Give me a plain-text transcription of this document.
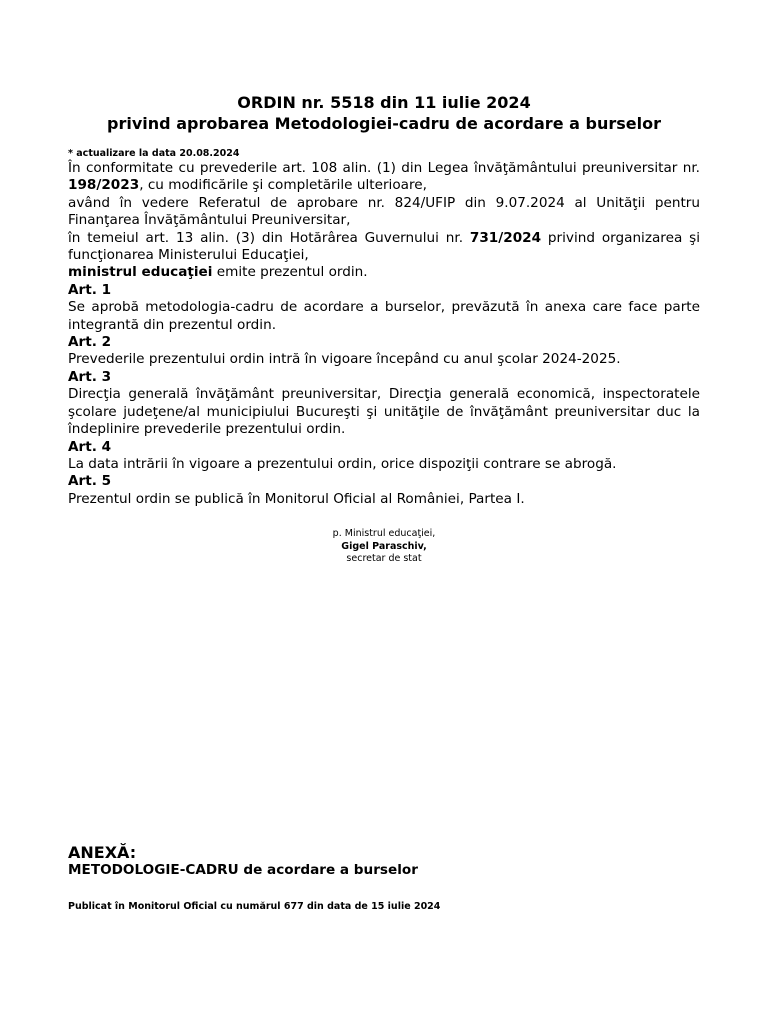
ORDIN nr. 5518 din 11 iulie 2024
privind aprobarea Metodologiei-cadru de acordare a burselor
* actualizare la data 20.08.2024

În conformitate cu prevederile art. 108 alin. (1) din Legea învăţământului preuniversitar nr. 198/2023, cu modificările şi completările ulterioare,

având în vedere Referatul de aprobare nr. 824/UFIP din 9.07.2024 al Unităţii pentru Finanţarea Învăţământului Preuniversitar,

în temeiul art. 13 alin. (3) din Hotărârea Guvernului nr. 731/2024 privind organizarea şi funcţionarea Ministerului Educaţiei,

ministrul educaţiei emite prezentul ordin.

Art. 1

Se aprobă metodologia-cadru de acordare a burselor, prevăzută în anexa care face parte integrantă din prezentul ordin.

Art. 2

Prevederile prezentului ordin intră în vigoare începând cu anul şcolar 2024-2025.

Art. 3

Direcţia generală învăţământ preuniversitar, Direcţia generală economică, inspectoratele şcolare judeţene/al municipiului Bucureşti şi unităţile de învăţământ preuniversitar duc la îndeplinire prevederile prezentului ordin.

Art. 4

La data intrării în vigoare a prezentului ordin, orice dispoziţii contrare se abrogă.

Art. 5

Prezentul ordin se publică în Monitorul Oficial al României, Partea I.

p. Ministrul educaţiei,
Gigel Paraschiv,
secretar de stat
ANEXĂ:
METODOLOGIE-CADRU de acordare a burselor
Publicat în Monitorul Oficial cu numărul 677 din data de 15 iulie 2024
